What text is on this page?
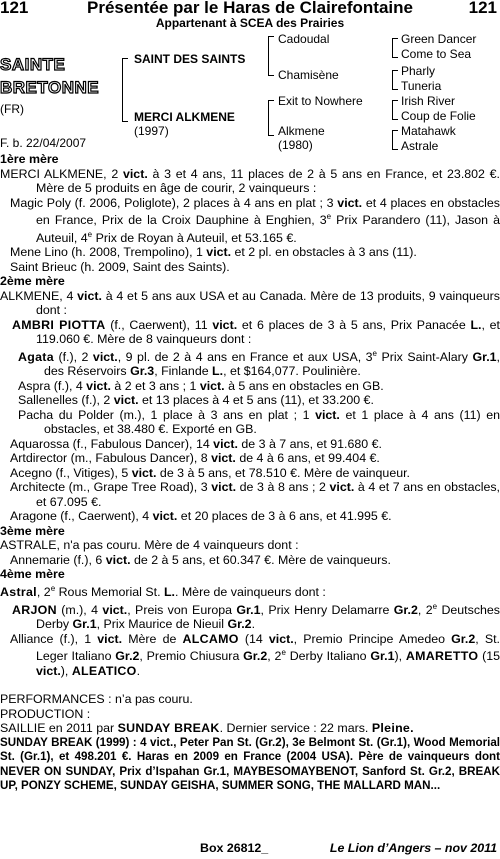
121	Présentée par le Haras de Clairefontaine	121
Appartenant à SCEA des Prairies
SAINTE
BRETONNE
(FR)
F. b. 22/04/2007
SAINT DES SAINTS
MERCI ALKMENE
(1997)
Cadoudal
Chamisène
Exit to Nowhere
Alkmene
(1980)
Green Dancer
Come to Sea
Pharly
Tuneria
Irish River
Coup de Folie
Matahawk
Astrale
1ère mère

MERCI ALKMENE, 2 vict. à 3 et 4 ans, 11 places de 2 à 5 ans en France, et 23.802 €. Mère de 5 produits en âge de courir, 2 vainqueurs :

Magic Poly (f. 2006, Poliglote), 2 places à 4 ans en plat ; 3 vict. et 4 places en obstacles en France, Prix de la Croix Dauphine à Enghien, 3e Prix Parandero (11), Jason à Auteuil, 4e Prix de Royan à Auteuil, et 53.165 €.

Mene Lino (h. 2008, Trempolino), 1 vict. et 2 pl. en obstacles à 3 ans (11).

Saint Brieuc (h. 2009, Saint des Saints).

2ème mère

ALKMENE, 4 vict. à 4 et 5 ans aux USA et au Canada. Mère de 13 produits, 9 vainqueurs dont :

AMBRI PIOTTA (f., Caerwent), 11 vict. et 6 places de 3 à 5 ans, Prix Panacée L., et 119.060 €. Mère de 8 vainqueurs dont :

Agata (f.), 2 vict., 9 pl. de 2 à 4 ans en France et aux USA, 3e Prix Saint-Alary Gr.1, des Réservoirs Gr.3, Finlande L., et $164,077. Poulinière.

Aspra (f.), 4 vict. à 2 et 3 ans ; 1 vict. à 5 ans en obstacles en GB.

Sallenelles (f.), 2 vict. et 13 places à 4 et 5 ans (11), et 33.200 €.

Pacha du Polder (m.), 1 place à 3 ans en plat ; 1 vict. et 1 place à 4 ans (11) en obstacles, et 38.480 €. Exporté en GB.

Aquarossa (f., Fabulous Dancer), 14 vict. de 3 à 7 ans, et 91.680 €.

Artdirector (m., Fabulous Dancer), 8 vict. de 4 à 6 ans, et 99.404 €.

Acegno (f., Vitiges), 5 vict. de 3 à 5 ans, et 78.510 €. Mère de vainqueur.

Architecte (m., Grape Tree Road), 3 vict. de 3 à 8 ans ; 2 vict. à 4 et 7 ans en obstacles, et 67.095 €.

Aragone (f., Caerwent), 4 vict. et 20 places de 3 à 6 ans, et 41.995 €.

3ème mère

ASTRALE, n'a pas couru. Mère de 4 vainqueurs dont :

Annemarie (f.), 6 vict. de 2 à 5 ans, et 60.347 €. Mère de vainqueurs.

4ème mère

Astral, 2e Rous Memorial St. L.. Mère de vainqueurs dont :

ARJON (m.), 4 vict., Preis von Europa Gr.1, Prix Henry Delamarre Gr.2, 2e Deutsches Derby Gr.1, Prix Maurice de Nieuil Gr.2.

Alliance (f.), 1 vict. Mère de ALCAMO (14 vict., Premio Principe Amedeo Gr.2, St. Leger Italiano Gr.2, Premio Chiusura Gr.2, 2e Derby Italiano Gr.1), AMARETTO (15 vict.), ALEATICO.

PERFORMANCES : n’a pas couru.

PRODUCTION :

SAILLIE en 2011 par SUNDAY BREAK. Dernier service : 22 mars. Pleine.

SUNDAY BREAK (1999) : 4 vict., Peter Pan St. (Gr.2), 3e Belmont St. (Gr.1), Wood Memorial St. (Gr.1), et 498.201 €. Haras en 2009 en France (2004 USA). Père de vainqueurs dont NEVER ON SUNDAY, Prix d’Ispahan Gr.1, MAYBESOMAYBENOT, Sanford St. Gr.2, BREAK UP, PONZY SCHEME, SUNDAY GEISHA, SUMMER SONG, THE MALLARD MAN...

Box 26812_	Le Lion d’Angers – nov 2011
